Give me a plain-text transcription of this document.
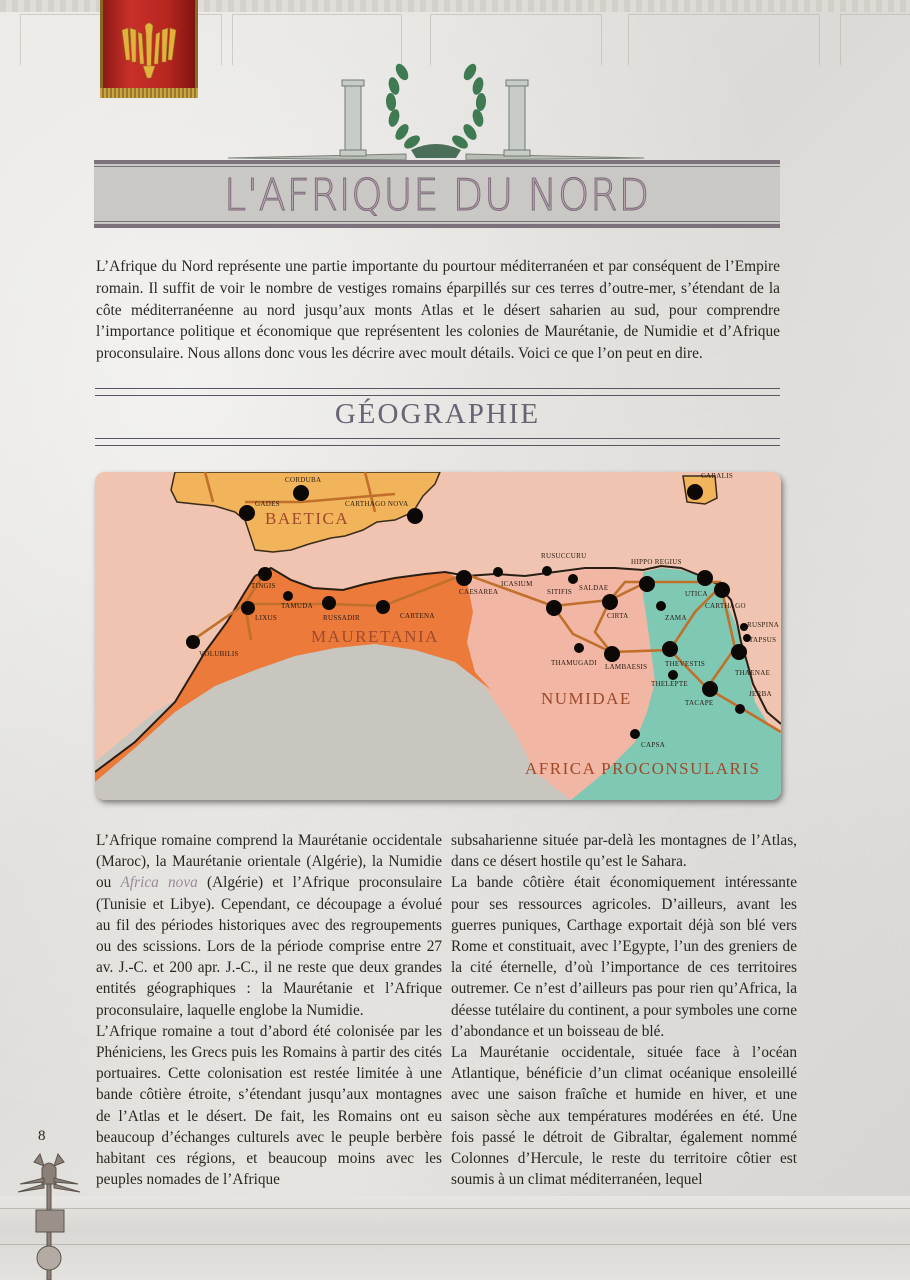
L'AFRIQUE DU NORD
L’Afrique du Nord représente une partie importante du pourtour méditerranéen et par conséquent de l’Empire romain. Il suffit de voir le nombre de vestiges romains éparpillés sur ces terres d’outre-mer, s’étendant de la côte méditerranéenne au nord jusqu’aux monts Atlas et le désert saharien au sud, pour comprendre l’importance politique et économique que représentent les colonies de Maurétanie, de Numidie et d’Afrique proconsulaire. Nous allons donc vous les décrire avec moult détails. Voici ce que l’on peut en dire.
GÉOGRAPHIE
CORDUBA
GADES	CARTHAGO NOVA
CARALIS
TINGIS
TAMUDA
LIXUS	RUSSADIR	CARTENA
VOLUBILIS
CAESAREA
ICASIUM
RUSUCCURU
SALDAE
SITIFIS
HIPPO REGIUS
CIRTA
UTICA
CARTHAGO
ZAMA
RUSPINA
TAPSUS
THAMUGADI LAMBAESIS	THEVESTIS
THAENAE
THELEPTE
TACAPE
JERBA
CAPSA
BAETICA
MAURETANIA
NUMIDAE
AFRICA PROCONSULARIS

L’Afrique romaine comprend la Maurétanie occidentale (Maroc), la Maurétanie orientale (Algérie), la Numidie ou Africa nova (Algérie) et l’Afrique proconsulaire (Tunisie et Libye). Cependant, ce découpage a évolué au fil des périodes historiques avec des regroupements ou des scissions. Lors de la période comprise entre 27 av. J.-C. et 200 apr. J.-C., il ne reste que deux grandes entités géographiques : la Maurétanie et l’Afrique proconsulaire, laquelle englobe la Numidie.

L’Afrique romaine a tout d’abord été colonisée par les Phéniciens, les Grecs puis les Romains à partir des cités portuaires. Cette colonisation est restée limitée à une bande côtière étroite, s’étendant jusqu’aux montagnes de l’Atlas et le désert. De fait, les Romains ont eu beaucoup d’échanges culturels avec le peuple berbère habitant ces régions, et beaucoup moins avec les peuples nomades de l’Afrique

subsaharienne située par-delà les montagnes de l’Atlas, dans ce désert hostile qu’est le Sahara.

La bande côtière était économiquement intéressante pour ses ressources agricoles. D’ailleurs, avant les guerres puniques, Carthage exportait déjà son blé vers Rome et constituait, avec l’Egypte, l’un des greniers de la cité éternelle, d’où l’importance de ces territoires outremer. Ce n’est d’ailleurs pas pour rien qu’Africa, la déesse tutélaire du continent, a pour symboles une corne d’abondance et un boisseau de blé.

La Maurétanie occidentale, située face à l’océan Atlantique, bénéficie d’un climat océanique ensoleillé avec une saison fraîche et humide en hiver, et une saison sèche aux températures modérées en été. Une fois passé le détroit de Gibraltar, également nommé Colonnes d’Hercule, le reste du territoire côtier est soumis à un climat méditerranéen, lequel

8
